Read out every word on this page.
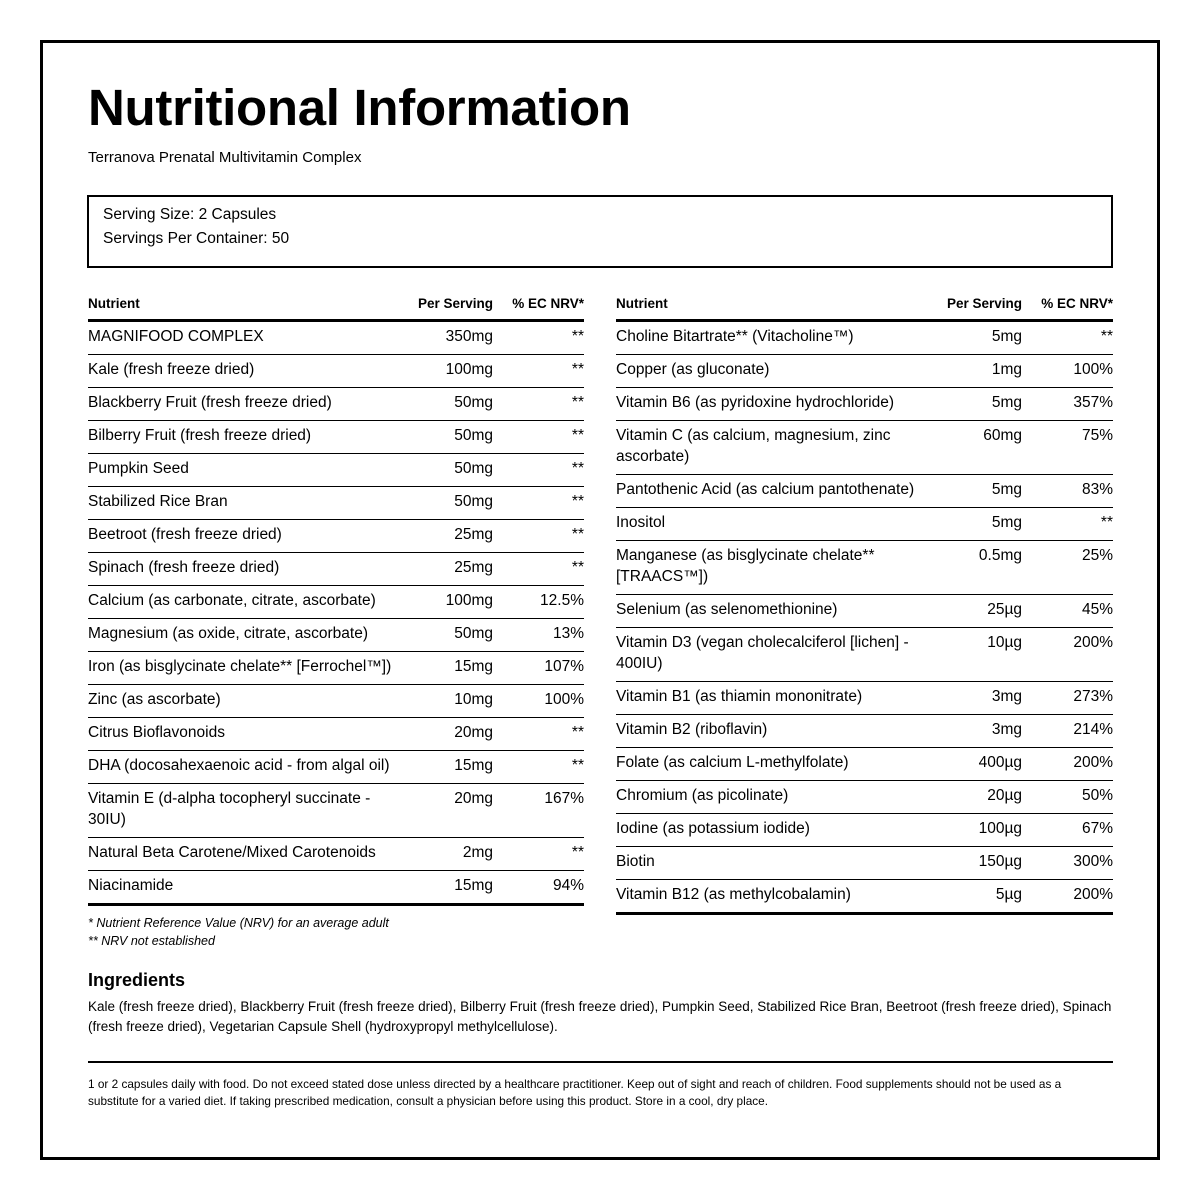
Nutritional Information
Terranova Prenatal Multivitamin Complex
Serving Size: 2 Capsules
Servings Per Container: 50
Nutrient	Per Serving	% EC NRV*
MAGNIFOOD COMPLEX	350mg	**
Kale (fresh freeze dried)	100mg	**
Blackberry Fruit (fresh freeze dried)	50mg	**
Bilberry Fruit (fresh freeze dried)	50mg	**
Pumpkin Seed	50mg	**
Stabilized Rice Bran	50mg	**
Beetroot (fresh freeze dried)	25mg	**
Spinach (fresh freeze dried)	25mg	**
Calcium (as carbonate, citrate, ascorbate)	100mg	12.5%
Magnesium (as oxide, citrate, ascorbate)	50mg	13%
Iron (as bisglycinate chelate** [Ferrochel™])	15mg	107%
Zinc (as ascorbate)	10mg	100%
Citrus Bioflavonoids	20mg	**
DHA (docosahexaenoic acid - from algal oil)	15mg	**
Vitamin E (d-alpha tocopheryl succinate - 30IU)	20mg	167%
Natural Beta Carotene/Mixed Carotenoids	2mg	**
Niacinamide	15mg	94%
Nutrient	Per Serving	% EC NRV*
Choline Bitartrate** (Vitacholine™)	5mg	**
Copper (as gluconate)	1mg	100%
Vitamin B6 (as pyridoxine hydrochloride)	5mg	357%
Vitamin C (as calcium, magnesium, zinc ascorbate)	60mg	75%
Pantothenic Acid (as calcium pantothenate)	5mg	83%
Inositol	5mg	**
Manganese (as bisglycinate chelate** [TRAACS™])	0.5mg	25%
Selenium (as selenomethionine)	25µg	45%
Vitamin D3 (vegan cholecalciferol [lichen] - 400IU)	10µg	200%
Vitamin B1 (as thiamin mononitrate)	3mg	273%
Vitamin B2 (riboflavin)	3mg	214%
Folate (as calcium L-methylfolate)	400µg	200%
Chromium (as picolinate)	20µg	50%
Iodine (as potassium iodide)	100µg	67%
Biotin	150µg	300%
Vitamin B12 (as methylcobalamin)	5µg	200%
* Nutrient Reference Value (NRV) for an average adult
** NRV not established
Ingredients
Kale (fresh freeze dried), Blackberry Fruit (fresh freeze dried), Bilberry Fruit (fresh freeze dried), Pumpkin Seed, Stabilized Rice Bran, Beetroot (fresh freeze dried), Spinach (fresh freeze dried), Vegetarian Capsule Shell (hydroxypropyl methylcellulose).
1 or 2 capsules daily with food. Do not exceed stated dose unless directed by a healthcare practitioner. Keep out of sight and reach of children. Food supplements should not be used as a substitute for a varied diet. If taking prescribed medication, consult a physician before using this product. Store in a cool, dry place.
